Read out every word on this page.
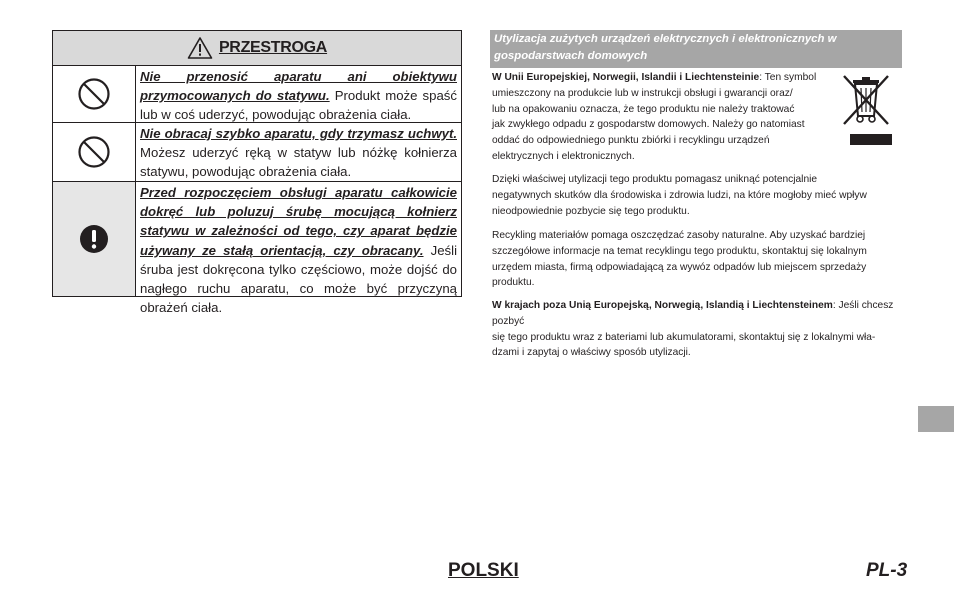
PRZESTROGA
Nie przenosić aparatu ani obiektywu przymocowanych do statywu. Produkt może spaść lub w coś uderzyć, powodując obrażenia ciała.
Nie obracaj szybko aparatu, gdy trzymasz uchwyt. Możesz uderzyć ręką w statyw lub nóżkę kołnierza statywu, powodując obrażenia ciała.
Przed rozpoczęciem obsługi aparatu całkowicie dokręć lub poluzuj śrubę mocującą kołnierz statywu w zależności od tego, czy aparat będzie używany ze stałą orientacją, czy obracany. Jeśli śruba jest dokręcona tylko częściowo, może dojść do nagłego ruchu aparatu, co może być przyczyną obrażeń ciała.
Utylizacja zużytych urządzeń elektrycznych i elektronicznych w gospodarstwach domowych
W Unii Europejskiej, Norwegii, Islandii i Liechtensteinie: Ten symbol
umieszczony na produkcie lub w instrukcji obsługi i gwarancji oraz/
lub na opakowaniu oznacza, że tego produktu nie należy traktować
jak zwykłego odpadu z gospodarstw domowych. Należy go natomiast
oddać do odpowiedniego punktu zbiórki i recyklingu urządzeń
elektrycznych i elektronicznych.
Dzięki właściwej utylizacji tego produktu pomagasz uniknąć potencjalnie
negatywnych skutków dla środowiska i zdrowia ludzi, na które mogłoby mieć wpływ
nieodpowiednie pozbycie się tego produktu.
Recykling materiałów pomaga oszczędzać zasoby naturalne. Aby uzyskać bardziej
szczegółowe informacje na temat recyklingu tego produktu, skontaktuj się lokalnym
urzędem miasta, firmą odpowiadającą za wywóz odpadów lub miejscem sprzedaży
produktu.
W krajach poza Unią Europejską, Norwegią, Islandią i Liechtensteinem: Jeśli chcesz pozbyć
się tego produktu wraz z bateriami lub akumulatorami, skontaktuj się z lokalnymi wła-
dzami i zapytaj o właściwy sposób utylizacji.
POLSKI	PL-3
